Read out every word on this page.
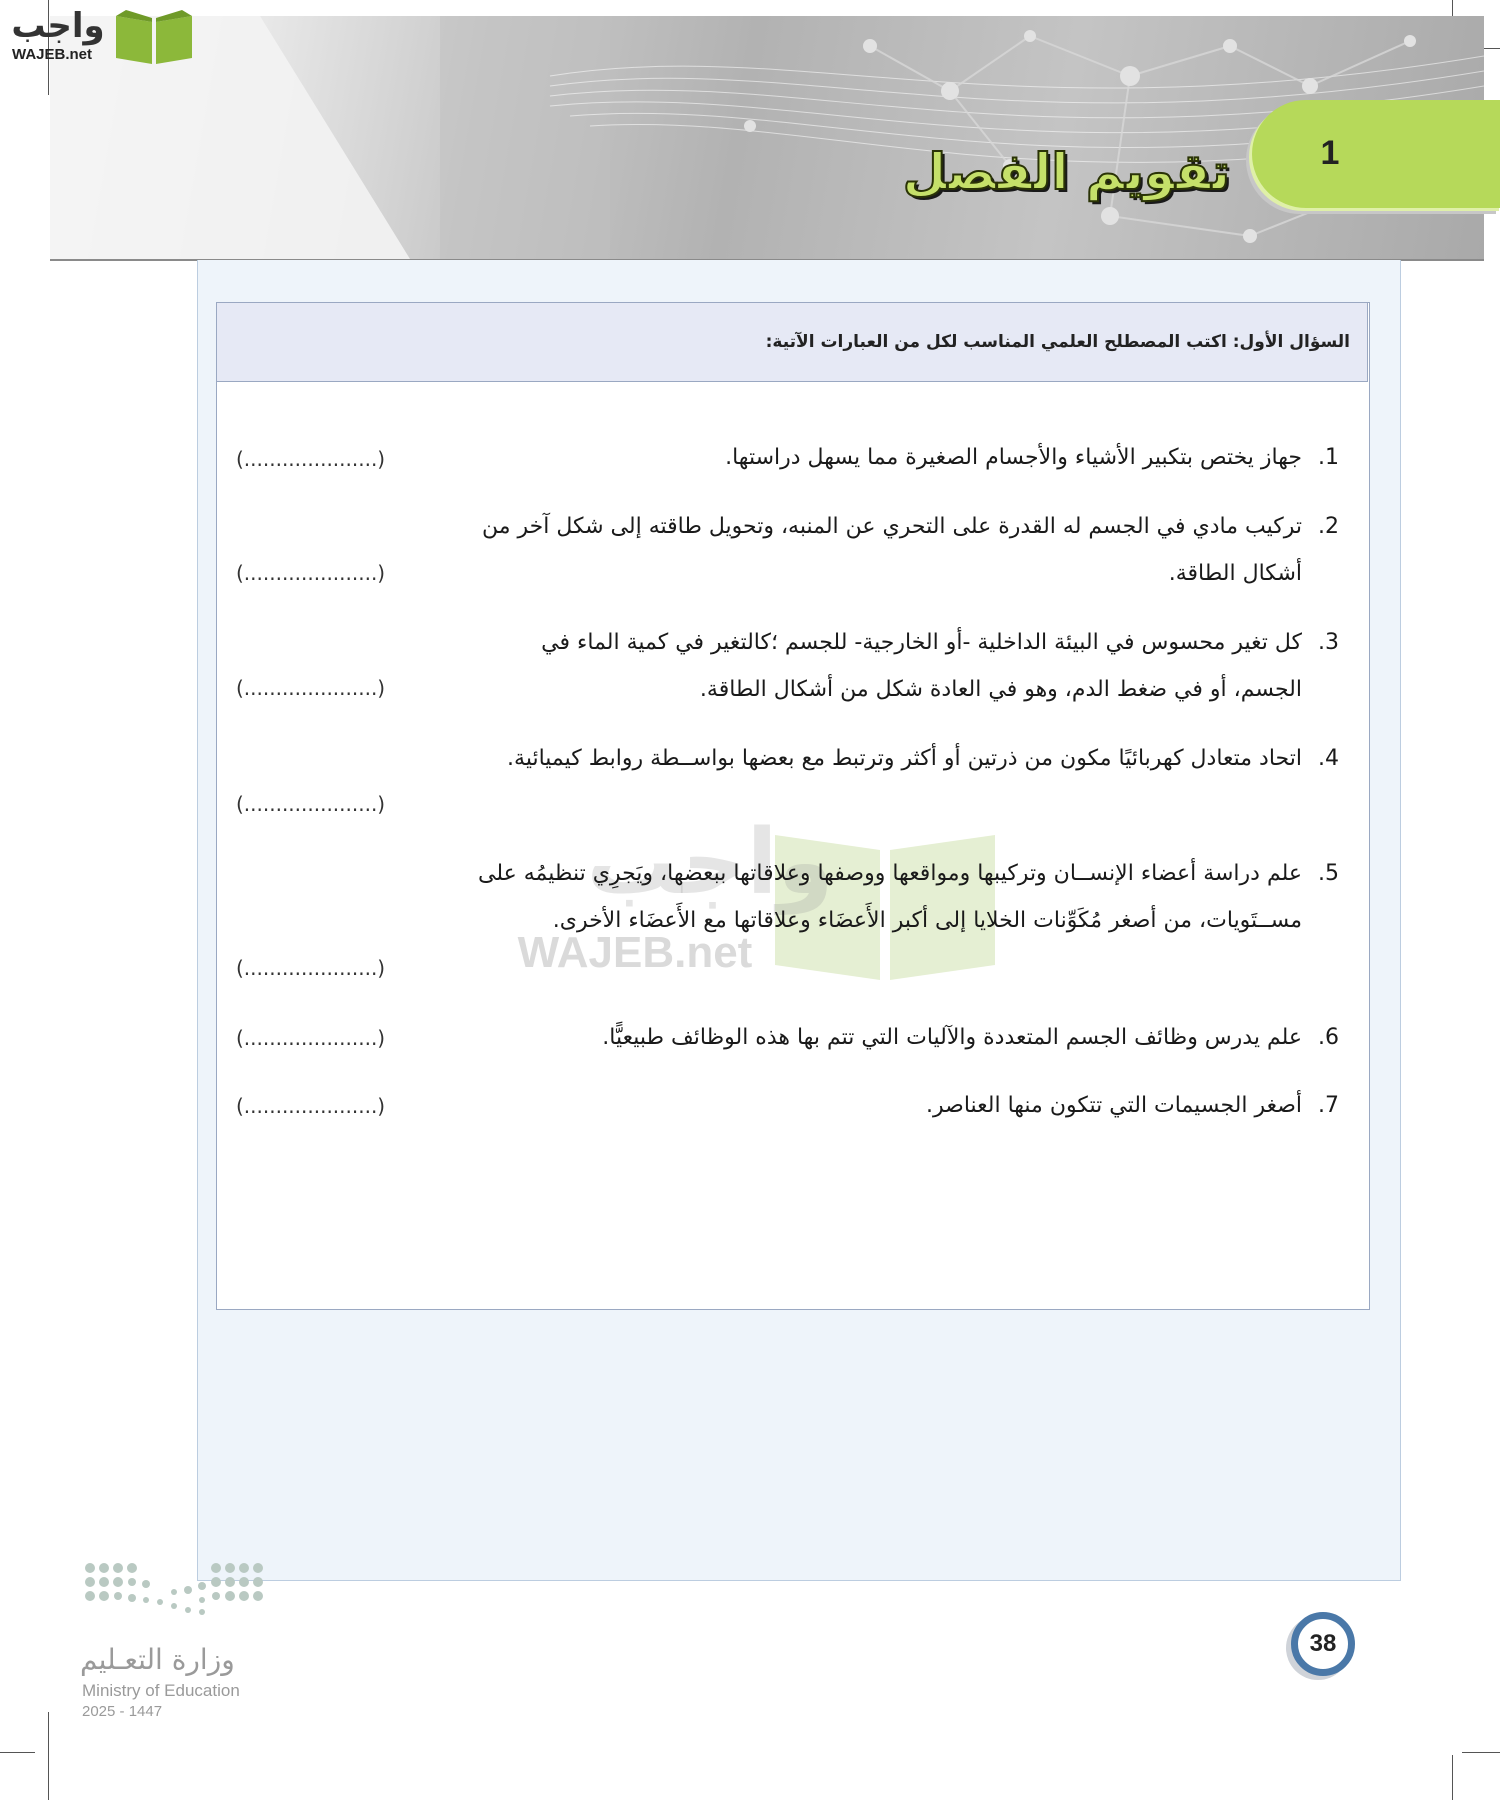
1
تقويم الفصل
واجب
WAJEB.net
السؤال الأول: اكتب المصطلح العلمي المناسب لكل من العبارات الآتية:
واجب
WAJEB.net
.1
جهاز يختص بتكبير الأشياء والأجسام الصغيرة مما يسهل دراستها.
(.....................)
.2
تركيب مادي في الجسم له القدرة على التحري عن المنبه، وتحويل طاقته إلى شكل آخر من أشكال الطاقة.
(.....................)
.3
كل تغير محسوس في البيئة الداخلية -أو الخارجية- للجسم ؛كالتغير في كمية الماء في الجسم، أو في ضغط الدم، وهو في العادة شكل من أشكال الطاقة.
(.....................)
.4
اتحاد متعادل كهربائيًا مكون من ذرتين أو أكثر وترتبط مع بعضها بواســطة روابط كيميائية.
(.....................)
.5
علم دراسة أعضاء الإنســان وتركيبها ومواقعها ووصفها وعلاقاتها ببعضها، ويَجرِي تنظيمُه على مســتَويات، من أصغر مُكَوِّنات الخلايا إلى أكبر الأَعضَاء وعلاقاتها مع الأَعضَاء الأخرى.
(.....................)
.6
علم يدرس وظائف الجسم المتعددة والآليات التي تتم بها هذه الوظائف طبيعيًّا.
(.....................)
.7
أصغر الجسيمات التي تتكون منها العناصر.
(.....................)
وزارة التعـليم
Ministry of Education
2025 - 1447
38
